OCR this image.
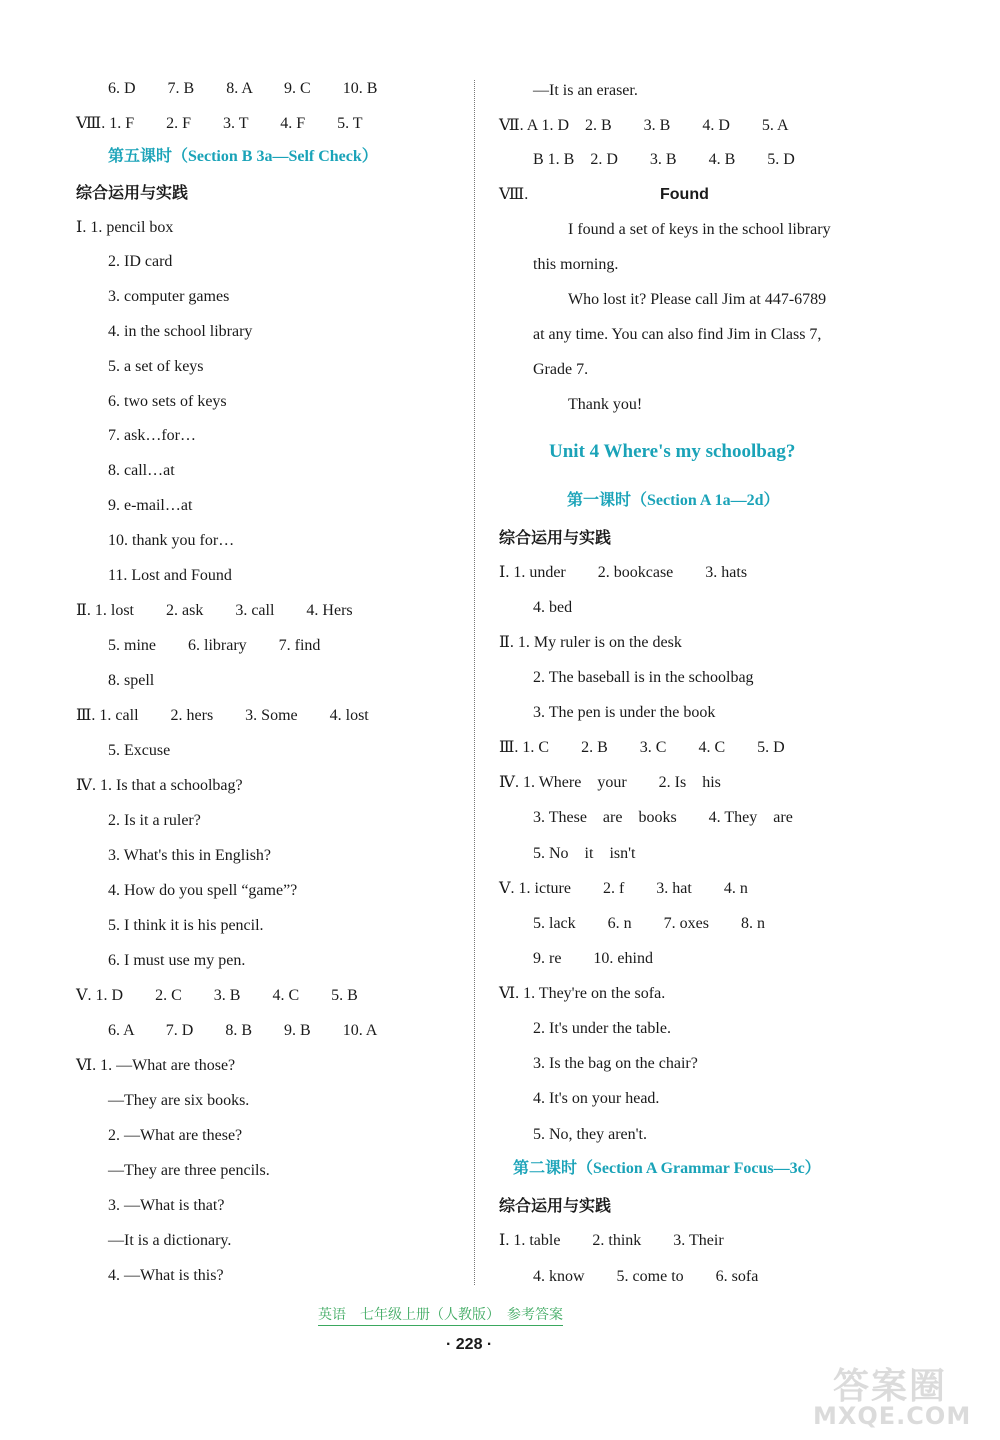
6. D　　7. B　　8. A　　9. C　　10. B
Ⅷ. 1. F　　2. F　　3. T　　4. F　　5. T
第五课时（Section B 3a—Self Check）
综合运用与实践
Ⅰ. 1. pencil box
2. ID card
3. computer games
4. in the school library
5. a set of keys
6. two sets of keys
7. ask…for…
8. call…at
9. e-mail…at
10. thank you for…
11. Lost and Found
Ⅱ. 1. lost　　2. ask　　3. call　　4. Hers
5. mine　　6. library　　7. find
8. spell
Ⅲ. 1. call　　2. hers　　3. Some　　4. lost
5. Excuse
Ⅳ. 1. Is that a schoolbag?
2. Is it a ruler?
3. What's this in English?
4. How do you spell “game”?
5. I think it is his pencil.
6. I must use my pen.
Ⅴ. 1. D　　2. C　　3. B　　4. C　　5. B
6. A　　7. D　　8. B　　9. B　　10. A
Ⅵ. 1. —What are those?
—They are six books.
2. —What are these?
—They are three pencils.
3. —What is that?
—It is a dictionary.
4. —What is this?
—It is an eraser.
Ⅶ. A 1. D　2. B　　3. B　　4. D　　5. A
B 1. B　2. D　　3. B　　4. B　　5. D
Ⅷ.	Found
I found a set of keys in the school library
this morning.
Who lost it? Please call Jim at 447-6789
at any time. You can also find Jim in Class 7,
Grade 7.
Thank you!
Unit 4 Where's my schoolbag?
第一课时（Section A 1a—2d）
综合运用与实践
Ⅰ. 1. under　　2. bookcase　　3. hats
4. bed
Ⅱ. 1. My ruler is on the desk
2. The baseball is in the schoolbag
3. The pen is under the book
Ⅲ. 1. C　　2. B　　3. C　　4. C　　5. D
Ⅳ. 1. Where　your　　2. Is　his
3. These　are　books　　4. They　are
5. No　it　isn't
Ⅴ. 1. icture　　2. f　　3. hat　　4. n
5. lack　　6. n　　7. oxes　　8. n
9. re　　10. ehind
Ⅵ. 1. They're on the sofa.
2. It's under the table.
3. Is the bag on the chair?
4. It's on your head.
5. No, they aren't.
第二课时（Section A Grammar Focus—3c）
综合运用与实践
Ⅰ. 1. table　　2. think　　3. Their
4. know　　5. come to　　6. sofa
英语　七年级上册（人教版）　参考答案
· 228 ·
答案圈
MXQE.COM
